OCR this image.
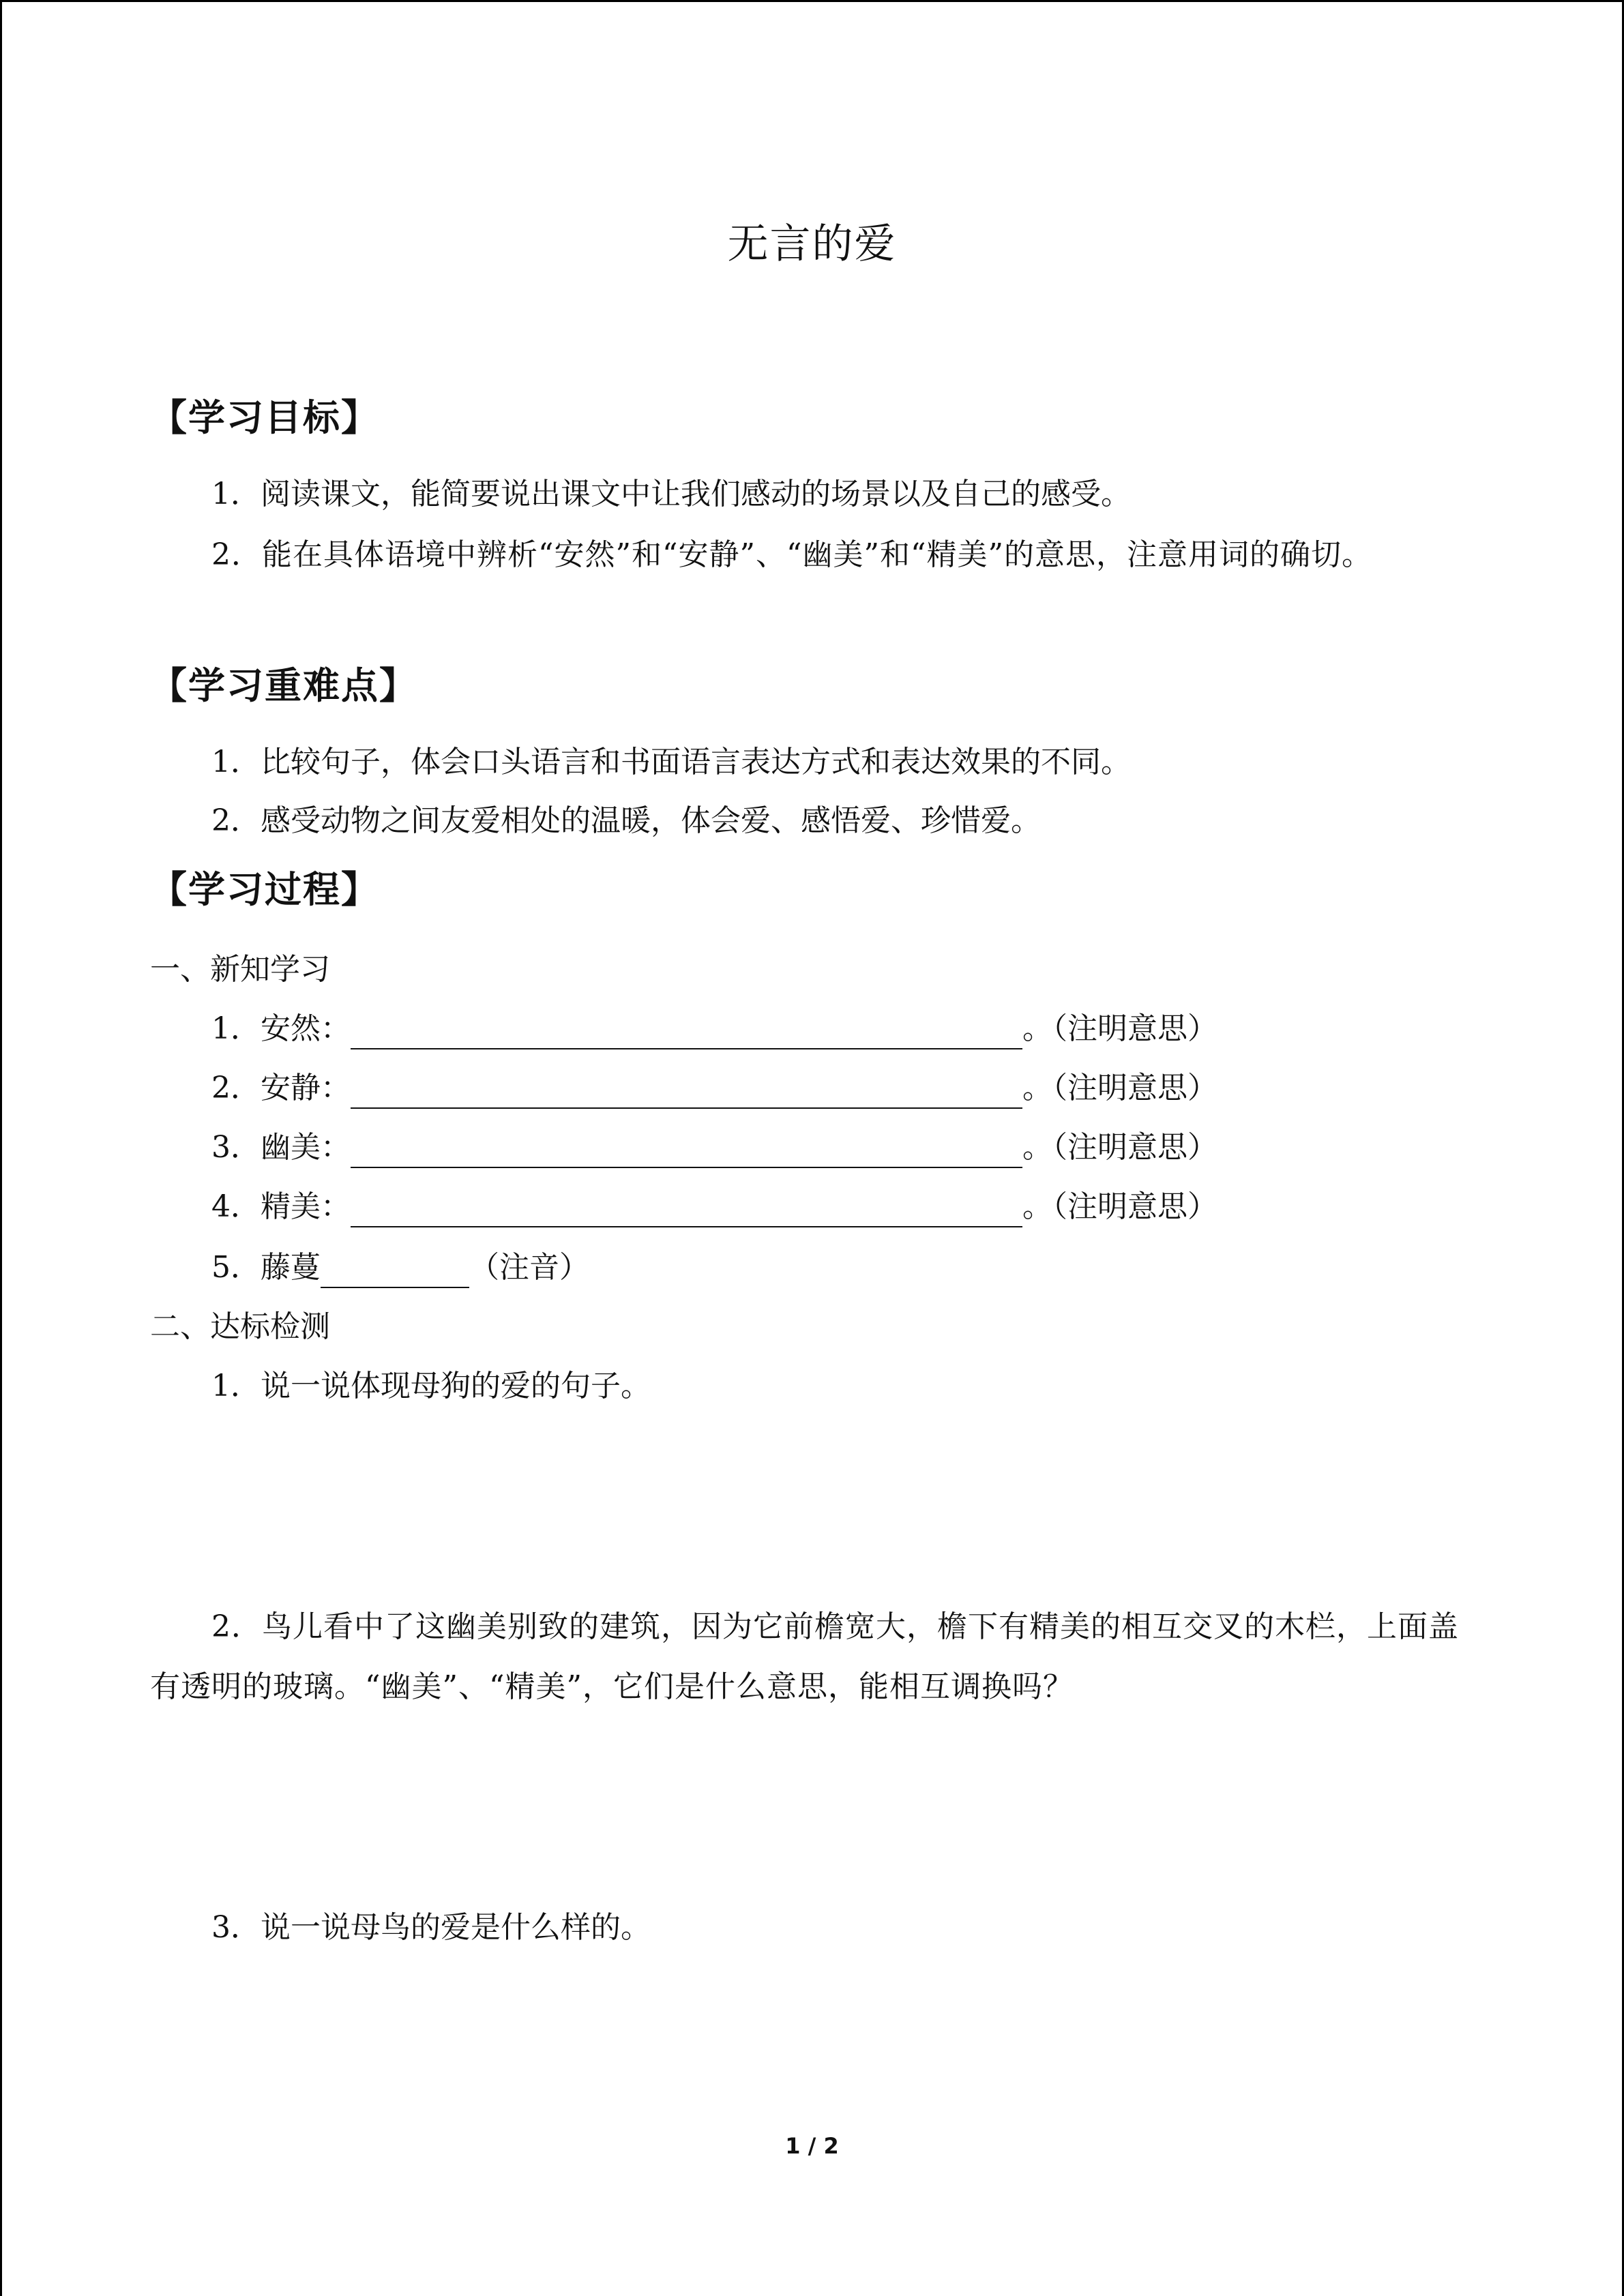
无言的爱
【学习目标】
1．阅读课文，能简要说出课文中让我们感动的场景以及自己的感受。
2．能在具体语境中辨析“安然”和“安静”、“幽美”和“精美”的意思，注意用词的确切。
【学习重难点】
1．比较句子，体会口头语言和书面语言表达方式和表达效果的不同。
2．感受动物之间友爱相处的温暖，体会爱、感悟爱、珍惜爱。
【学习过程】
一、新知学习
1．安然：	。（注明意思）
2．安静：	。（注明意思）
3．幽美：	。（注明意思）
4．精美：	。（注明意思）
5．藤蔓	（注音）
二、达标检测
1．说一说体现母狗的爱的句子。
2．鸟儿看中了这幽美别致的建筑，因为它前檐宽大，檐下有精美的相互交叉的木栏，上面盖有透明的玻璃。“幽美”、“精美”，它们是什么意思，能相互调换吗？
3．说一说母鸟的爱是什么样的。
1 / 2
